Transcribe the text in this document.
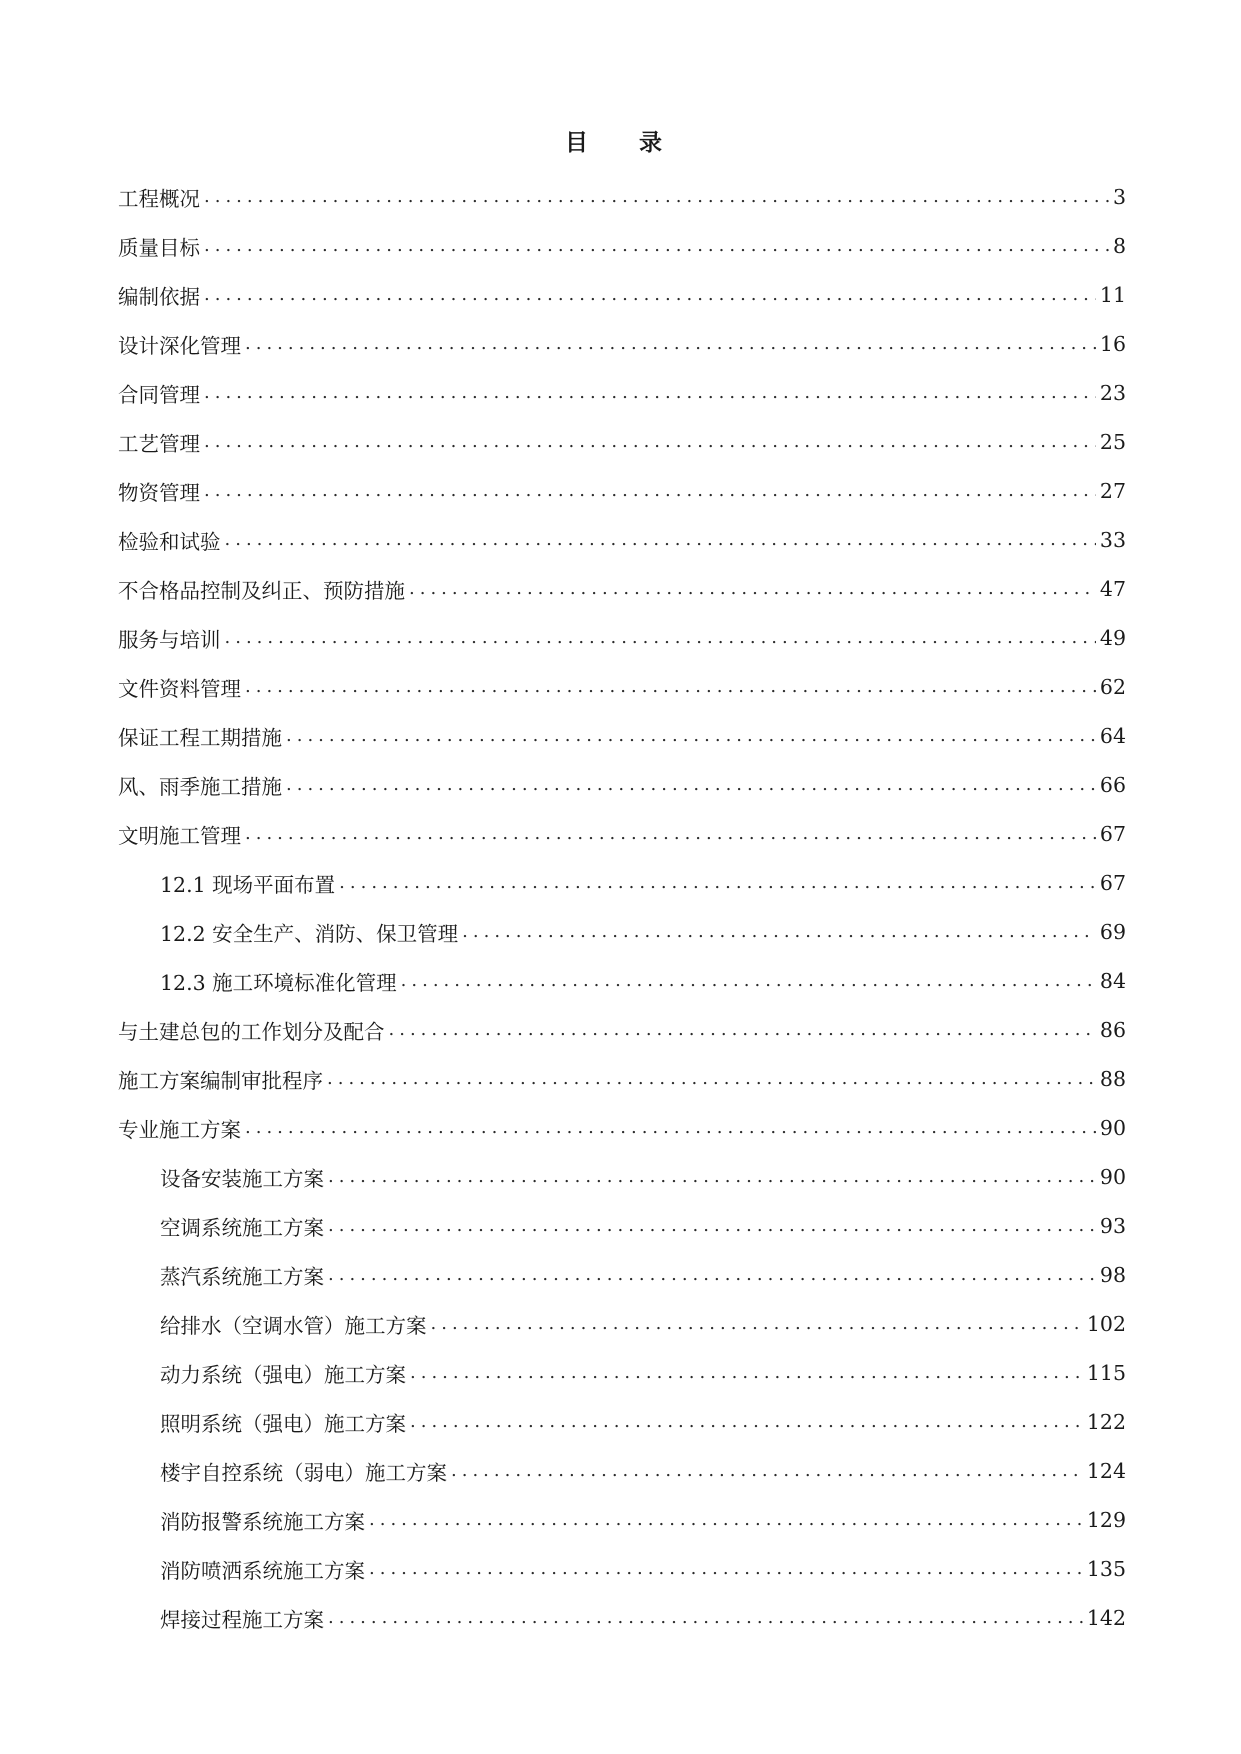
目　录
工程概况 .....	3
质量目标 .....	8
编制依据 .....	11
设计深化管理 .....	16
合同管理 .....	23
工艺管理 .....	25
物资管理 .....	27
检验和试验 .....	33
不合格品控制及纠正、预防措施 .....	47
服务与培训 .....	49
文件资料管理 .....	62
保证工程工期措施 .....	64
风、雨季施工措施 .....	66
文明施工管理 .....	67
12.1 现场平面布置 .....	67
12.2 安全生产、消防、保卫管理 .....	69
12.3 施工环境标准化管理 .....	84
与土建总包的工作划分及配合 .....	86
施工方案编制审批程序 .....	88
专业施工方案 .....	90
设备安装施工方案 .....	90
空调系统施工方案 .....	93
蒸汽系统施工方案 .....	98
给排水（空调水管）施工方案 .....	102
动力系统（强电）施工方案 .....	115
照明系统（强电）施工方案 .....	122
楼宇自控系统（弱电）施工方案 .....	124
消防报警系统施工方案 .....	129
消防喷洒系统施工方案 .....	135
焊接过程施工方案 .....	142
